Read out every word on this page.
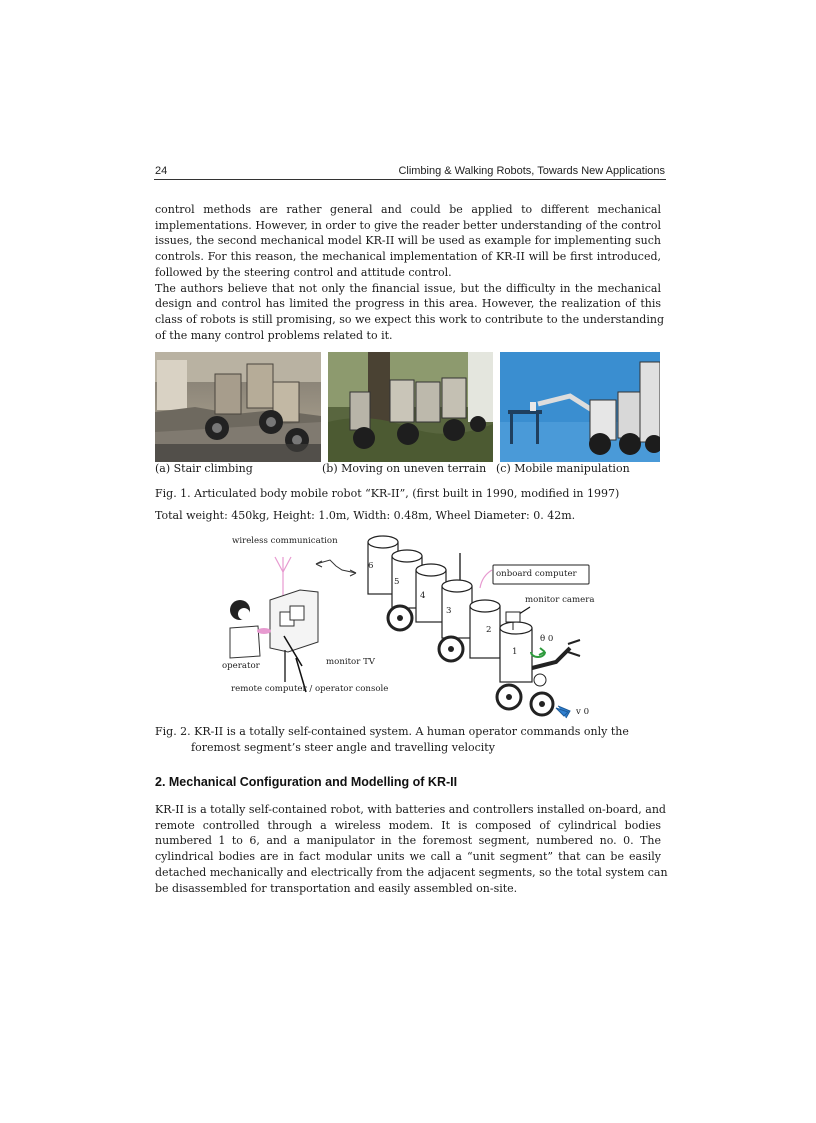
24	Climbing & Walking Robots, Towards New Applications
control methods are rather general and could be applied to different mechanical
implementations. However, in order to give the reader better understanding of the control
issues, the second mechanical model KR-II will be used as example for implementing such
controls. For this reason, the mechanical implementation of KR-II will be first introduced,
followed by the steering control and attitude control.
The authors believe that not only the financial issue, but the difficulty in the mechanical
design and control has limited the progress in this area. However, the realization of this
class of robots is still promising, so we expect this work to contribute to the understanding
of the many control problems related to it.
(a) Stair climbing	(b) Moving on uneven terrain (c) Mobile manipulation
Fig. 1. Articulated body mobile robot “KR-II”, (first built in 1990, modified in 1997)
Total weight: 450kg, Height: 1.0m, Width: 0.48m, Wheel Diameter: 0. 42m.
wireless communication
onboard computer
monitor camera
operator	monitor TV
remote computer / operator console
θ 0
v 0
6
5
4
3
2
1
Fig. 2. KR-II is a totally self-contained system. A human operator commands only the
foremost segment’s steer angle and travelling velocity
2. Mechanical Configuration and Modelling of KR-II
KR-II is a totally self-contained robot, with batteries and controllers installed on-board, and
remote controlled through a wireless modem. It is composed of cylindrical bodies
numbered 1 to 6, and a manipulator in the foremost segment, numbered no. 0. The
cylindrical bodies are in fact modular units we call a “unit segment” that can be easily
detached mechanically and electrically from the adjacent segments, so the total system can
be disassembled for transportation and easily assembled on-site.
